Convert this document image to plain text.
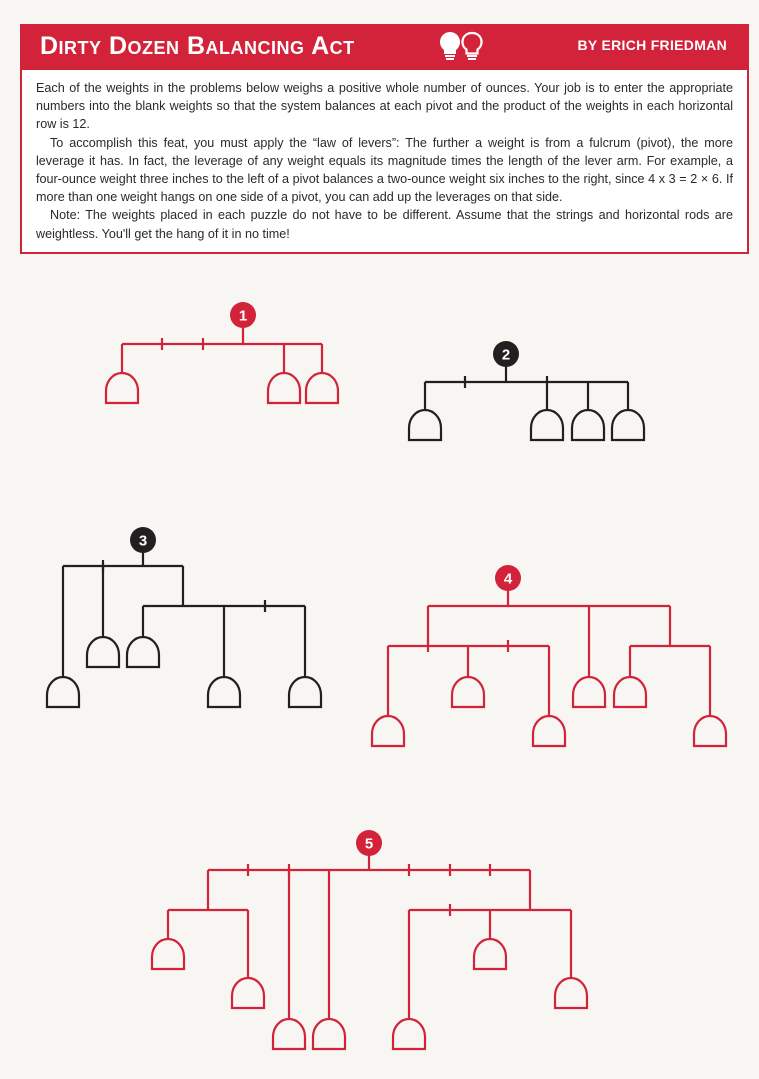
Dirty Dozen Balancing Act	BY ERICH FRIEDMAN

Each of the weights in the problems below weighs a positive whole number of ounces. Your job is to enter the appropriate numbers into the blank weights so that the system balances at each pivot and the product of the weights in each horizontal row is 12.

To accomplish this feat, you must apply the “law of levers”: The further a weight is from a fulcrum (pivot), the more leverage it has. In fact, the leverage of any weight equals its magnitude times the length of the lever arm. For example, a four-ounce weight three inches to the left of a pivot balances a two-ounce weight six inches to the right, since 4 x 3 = 2 × 6. If more than one weight hangs on one side of a pivot, you can add up the leverages on that side.

Note: The weights placed in each puzzle do not have to be different. Assume that the strings and horizontal rods are weightless. You'll get the hang of it in no time!

1
2
3
4
5
